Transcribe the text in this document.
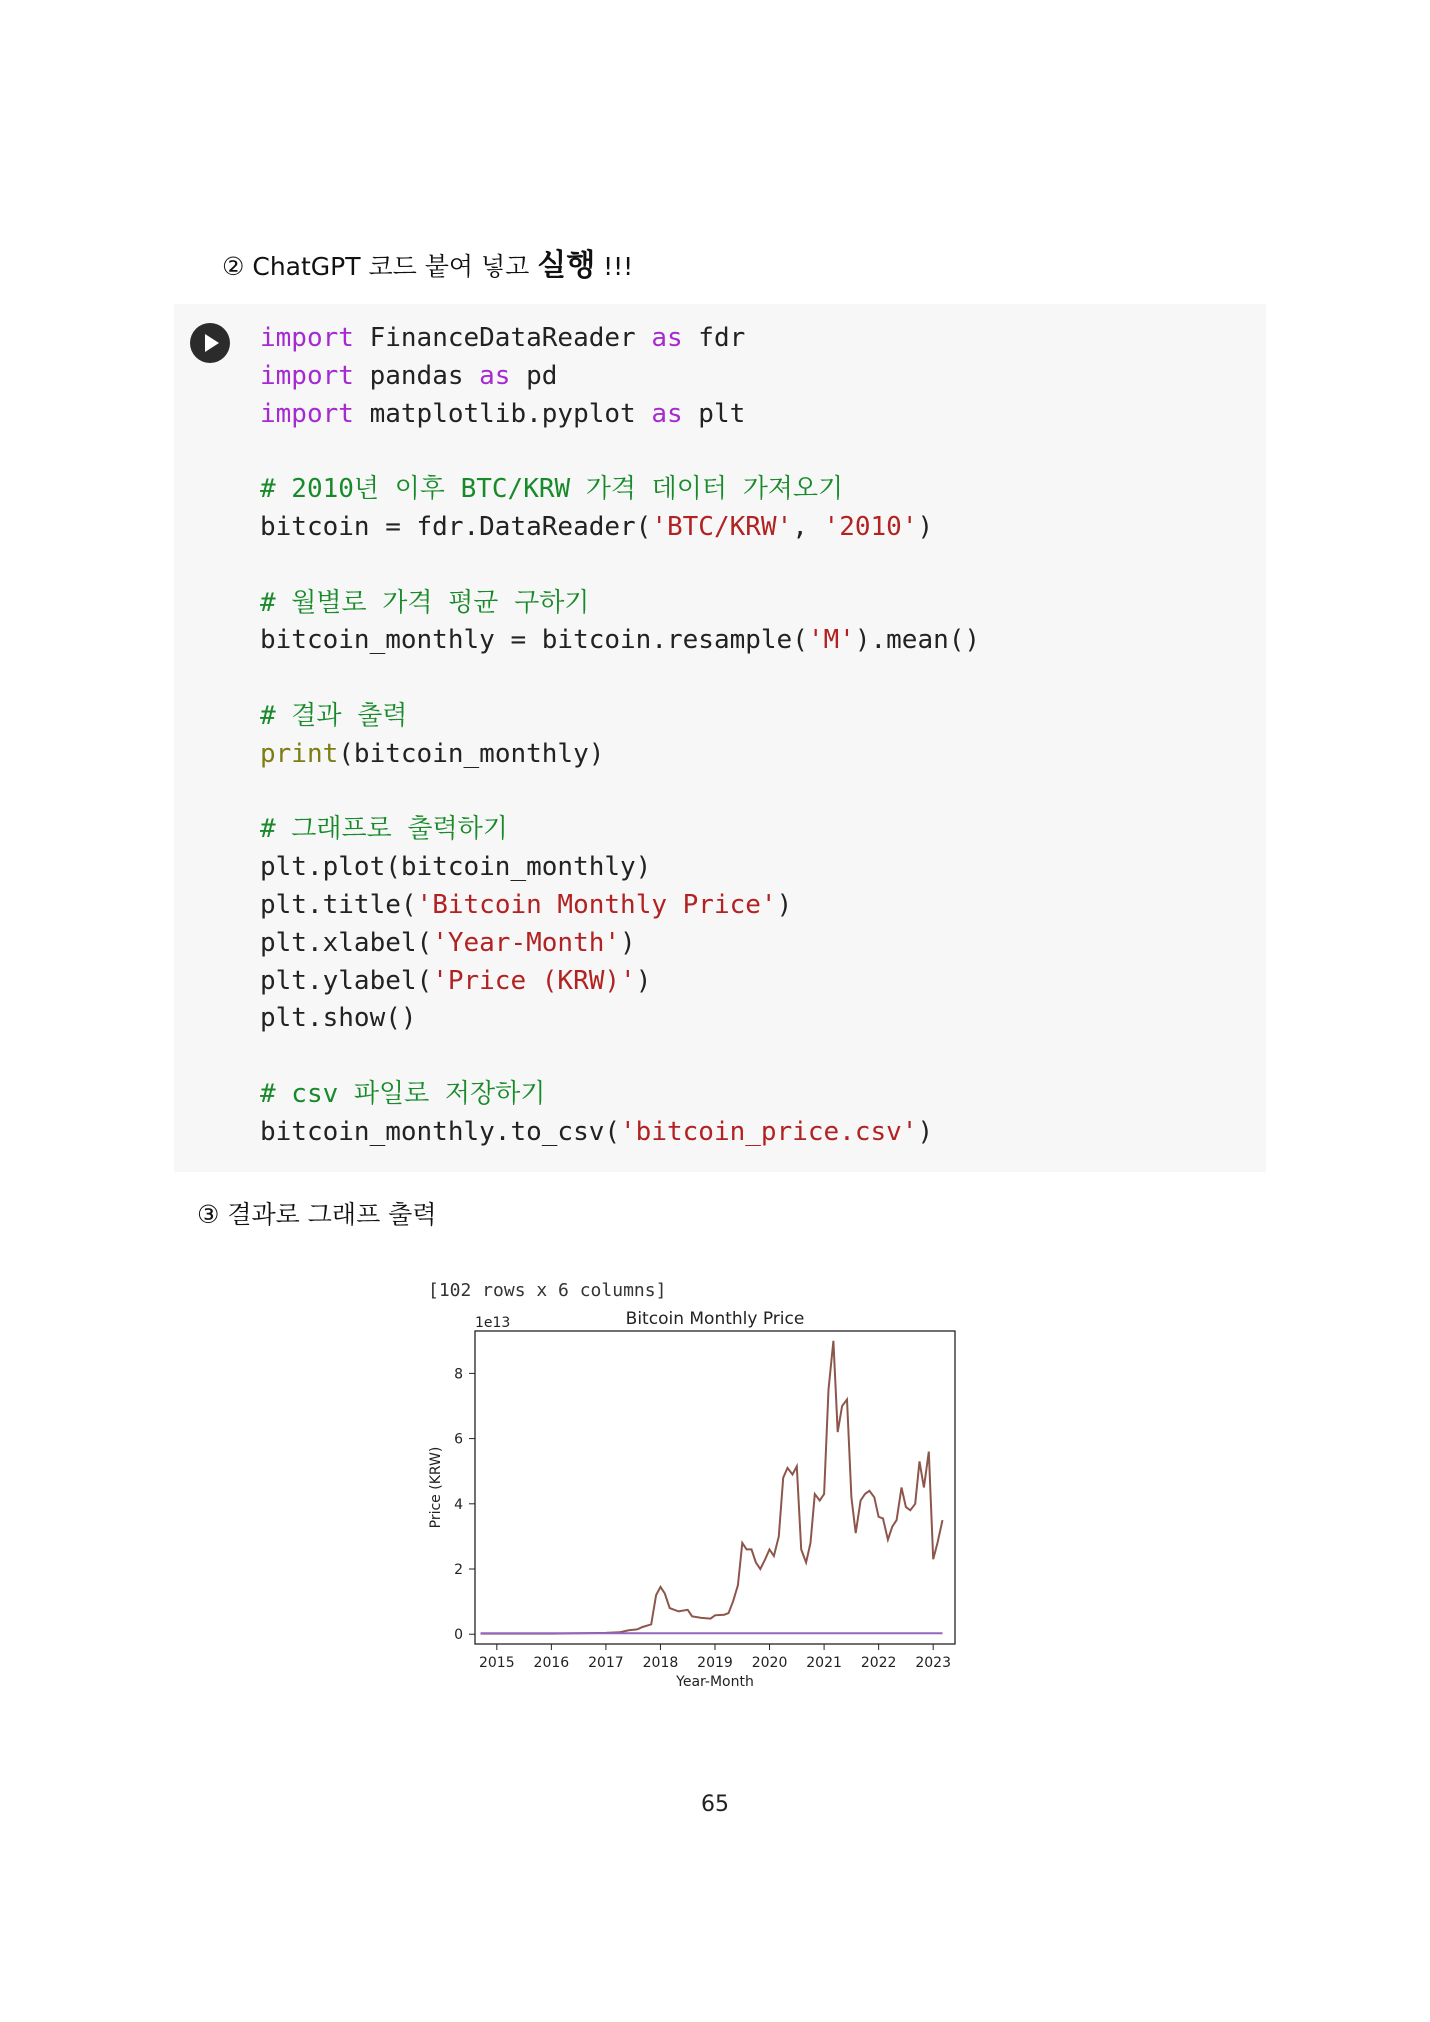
② ChatGPT 코드 붙여 넣고 실행 !!!
import FinanceDataReader as fdr
import pandas as pd
import matplotlib.pyplot as plt

# 2010년 이후 BTC/KRW 가격 데이터 가져오기
bitcoin = fdr.DataReader('BTC/KRW', '2010')

# 월별로 가격 평균 구하기
bitcoin_monthly = bitcoin.resample('M').mean()

# 결과 출력
print(bitcoin_monthly)

# 그래프로 출력하기
plt.plot(bitcoin_monthly)
plt.title('Bitcoin Monthly Price')
plt.xlabel('Year-Month')
plt.ylabel('Price (KRW)')
plt.show()

# csv 파일로 저장하기
bitcoin_monthly.to_csv('bitcoin_price.csv')
③ 결과로 그래프 출력
[102 rows x 6 columns]
2015 2016 2017 2018 2019 2020 2021 2022 2023
0
2
4
6
8
Bitcoin Monthly Price
Year-Month
Price (KRW)
1e13
65
